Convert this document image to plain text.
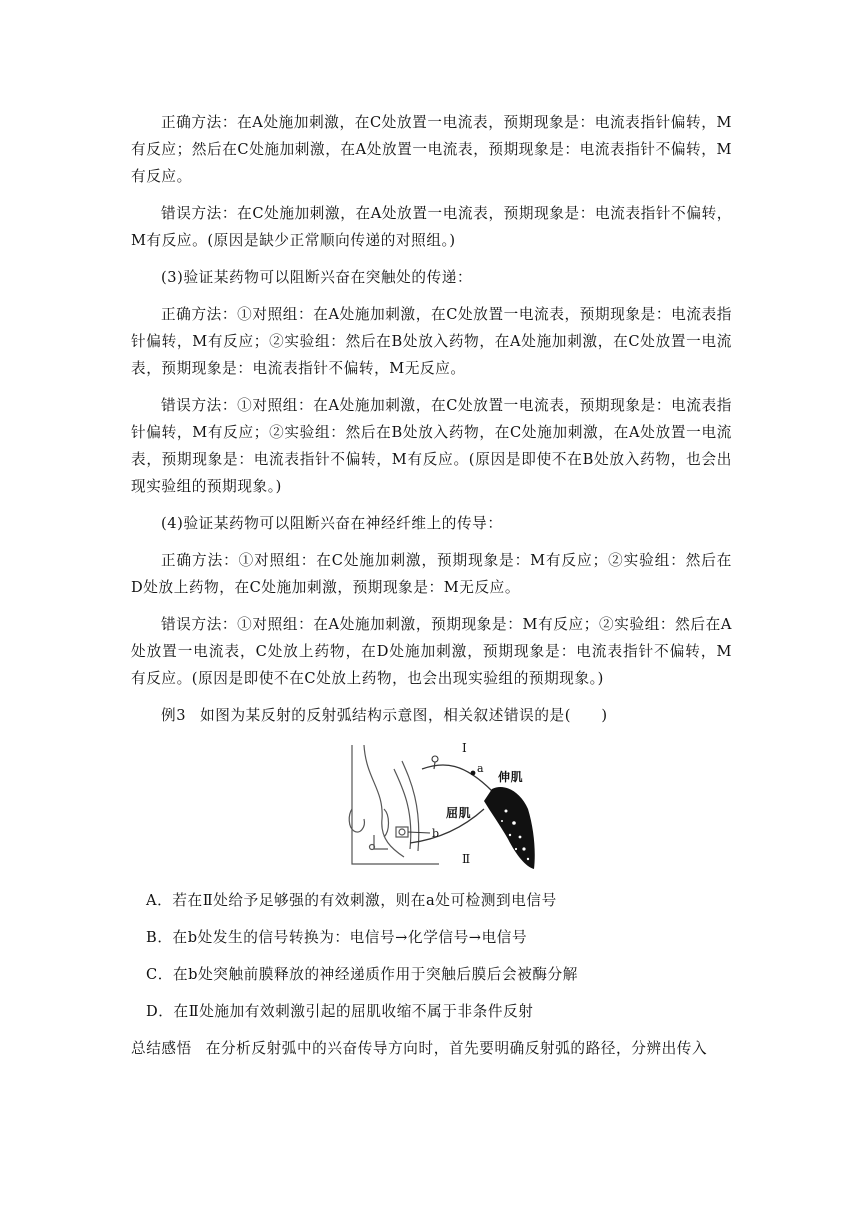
正确方法：在A处施加刺激，在C处放置一电流表，预期现象是：电流表指针偏转，M有反应；然后在C处施加刺激，在A处放置一电流表，预期现象是：电流表指针不偏转，M有反应。

错误方法：在C处施加刺激，在A处放置一电流表，预期现象是：电流表指针不偏转，M有反应。(原因是缺少正常顺向传递的对照组。)

(3)验证某药物可以阻断兴奋在突触处的传递：

正确方法：①对照组：在A处施加刺激，在C处放置一电流表，预期现象是：电流表指针偏转，M有反应；②实验组：然后在B处放入药物，在A处施加刺激，在C处放置一电流表，预期现象是：电流表指针不偏转，M无反应。

错误方法：①对照组：在A处施加刺激，在C处放置一电流表，预期现象是：电流表指针偏转，M有反应；②实验组：然后在B处放入药物，在C处施加刺激，在A处放置一电流表，预期现象是：电流表指针不偏转，M有反应。(原因是即使不在B处放入药物，也会出现实验组的预期现象。)

(4)验证某药物可以阻断兴奋在神经纤维上的传导：

正确方法：①对照组：在C处施加刺激，预期现象是：M有反应；②实验组：然后在D处放上药物，在C处施加刺激，预期现象是：M无反应。

错误方法：①对照组：在A处施加刺激，预期现象是：M有反应；②实验组：然后在A处放置一电流表，C处放上药物，在D处施加刺激，预期现象是：电流表指针不偏转，M有反应。(原因是即使不在C处放上药物，也会出现实验组的预期现象。)

例3 如图为某反射的反射弧结构示意图，相关叙述错误的是(　　)

Ⅰ
a
伸肌
屈肌
b
Ⅱ

A．若在Ⅱ处给予足够强的有效刺激，则在a处可检测到电信号

B．在b处发生的信号转换为：电信号→化学信号→电信号

C．在b处突触前膜释放的神经递质作用于突触后膜后会被酶分解

D．在Ⅱ处施加有效刺激引起的屈肌收缩不属于非条件反射

总结感悟 在分析反射弧中的兴奋传导方向时，首先要明确反射弧的路径，分辨出传入
